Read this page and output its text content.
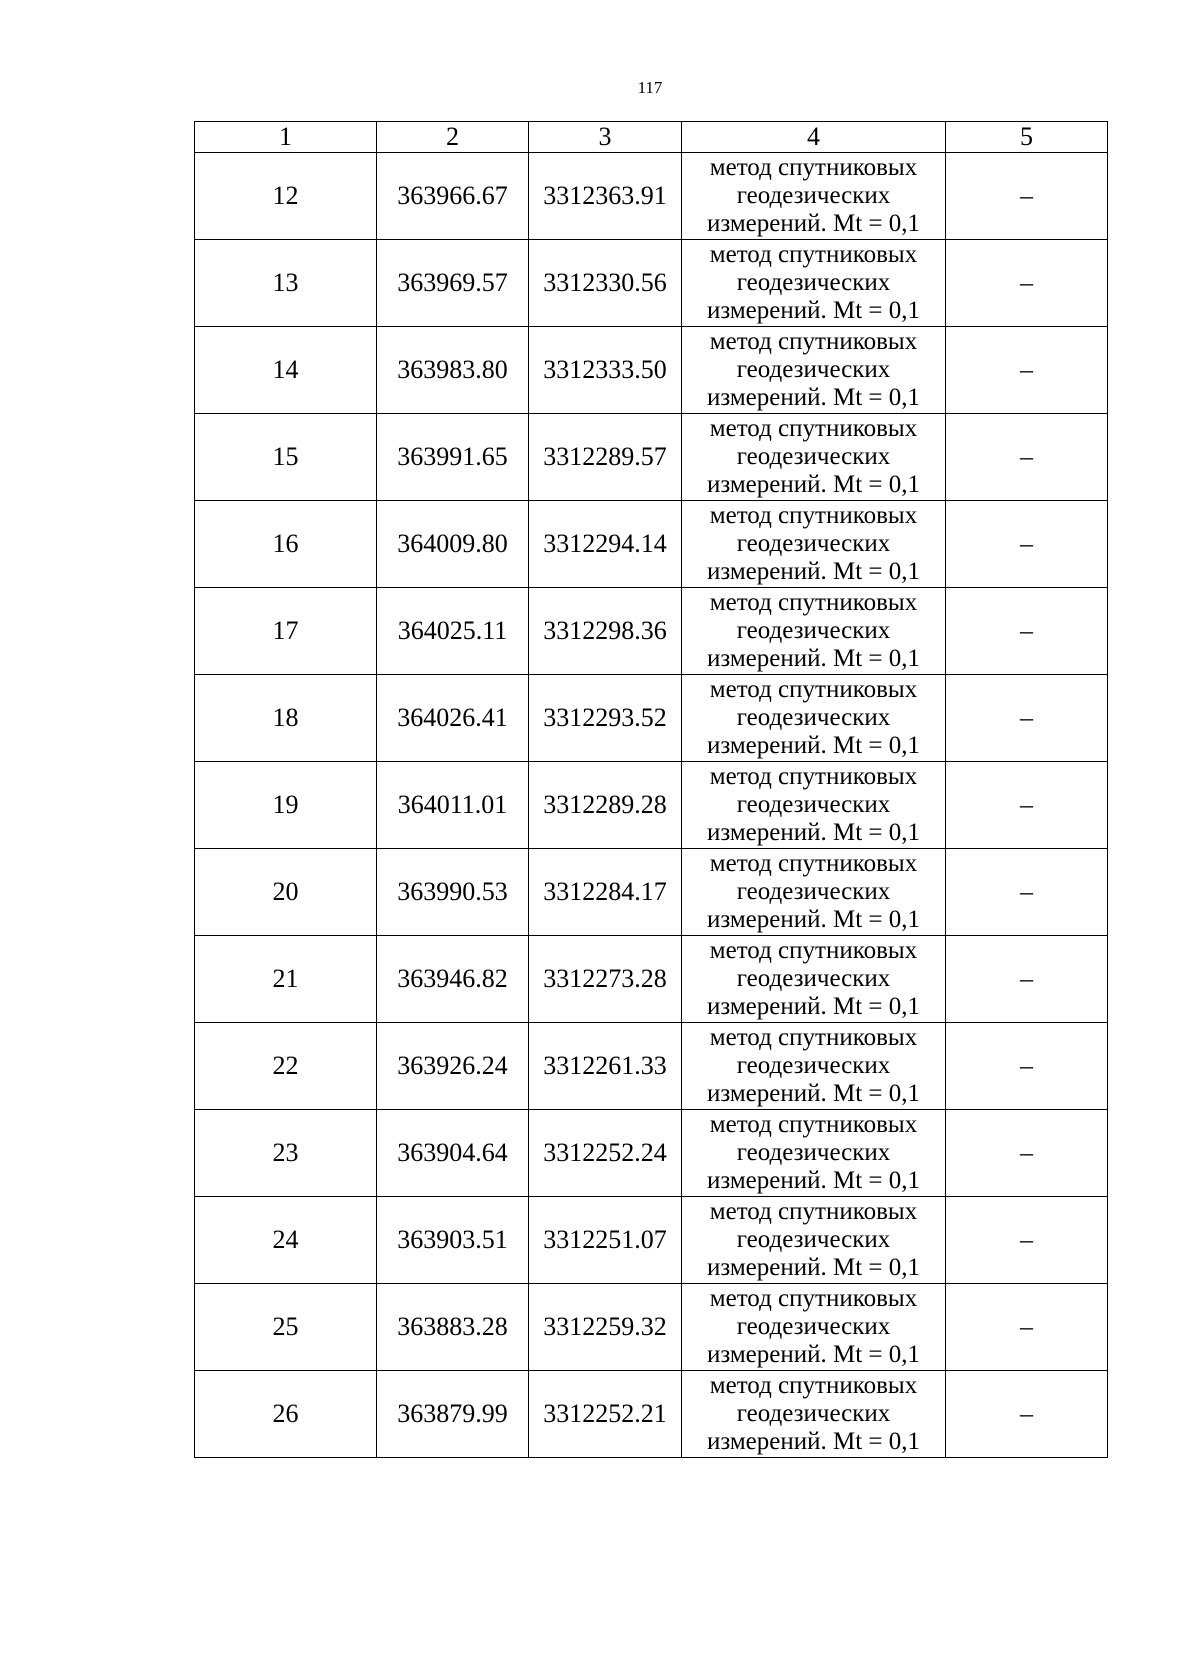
117
1	2	3	4	5
12	363966.67	3312363.91	метод спутниковых
геодезических
измерений. Mt = 0,1	–
13	363969.57	3312330.56	метод спутниковых
геодезических
измерений. Mt = 0,1	–
14	363983.80	3312333.50	метод спутниковых
геодезических
измерений. Mt = 0,1	–
15	363991.65	3312289.57	метод спутниковых
геодезических
измерений. Mt = 0,1	–
16	364009.80	3312294.14	метод спутниковых
геодезических
измерений. Mt = 0,1	–
17	364025.11	3312298.36	метод спутниковых
геодезических
измерений. Mt = 0,1	–
18	364026.41	3312293.52	метод спутниковых
геодезических
измерений. Mt = 0,1	–
19	364011.01	3312289.28	метод спутниковых
геодезических
измерений. Mt = 0,1	–
20	363990.53	3312284.17	метод спутниковых
геодезических
измерений. Mt = 0,1	–
21	363946.82	3312273.28	метод спутниковых
геодезических
измерений. Mt = 0,1	–
22	363926.24	3312261.33	метод спутниковых
геодезических
измерений. Mt = 0,1	–
23	363904.64	3312252.24	метод спутниковых
геодезических
измерений. Mt = 0,1	–
24	363903.51	3312251.07	метод спутниковых
геодезических
измерений. Mt = 0,1	–
25	363883.28	3312259.32	метод спутниковых
геодезических
измерений. Mt = 0,1	–
26	363879.99	3312252.21	метод спутниковых
геодезических
измерений. Mt = 0,1	–
